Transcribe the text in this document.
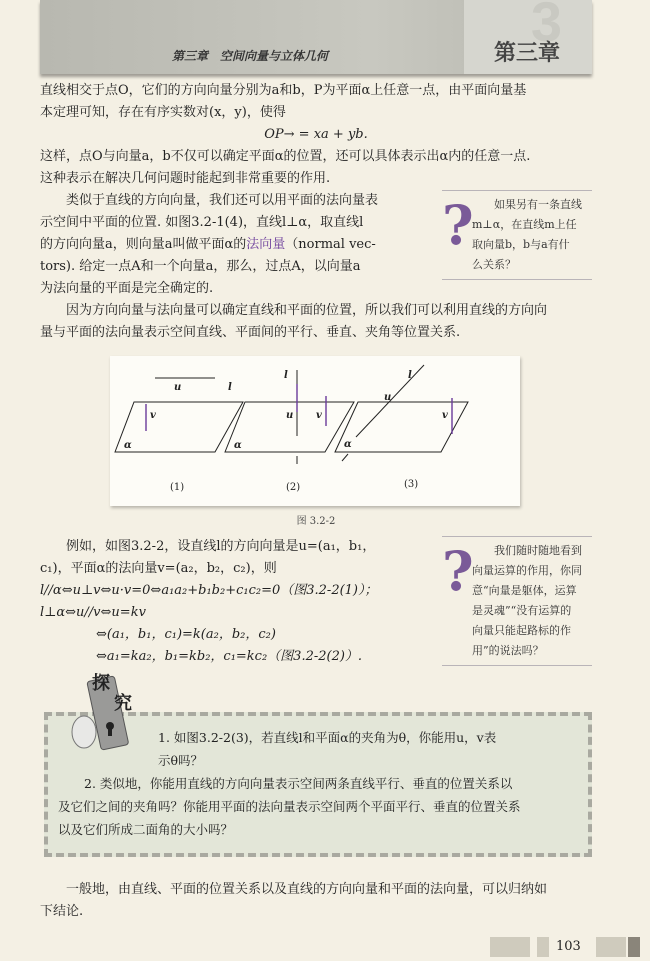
3
第三章　空间向量与立体几何	第三章
直线相交于点O，它们的方向向量分别为a和b，P为平面α上任意一点，由平面向量基
本定理可知，存在有序实数对(x，y)，使得
OP→ = xa + yb.
这样，点O与向量a，b不仅可以确定平面α的位置，还可以具体表示出α内的任意一点.
这种表示在解决几何问题时能起到非常重要的作用.
类似于直线的方向向量，我们还可以用平面的法向量表
示空间中平面的位置. 如图3.2-1(4)，直线l⊥α，取直线l
的方向向量a，则向量a叫做平面α的法向量（normal vec-
tors). 给定一点A和一个向量a，那么，过点A，以向量a
为法向量的平面是完全确定的.
?	如果另有一条直线
m⊥α，在直线m上任
取向量b，b与a有什
么关系？
因为方向向量与法向量可以确定直线和平面的位置，所以我们可以利用直线的方向向
量与平面的法向量表示空间直线、平面间的平行、垂直、夹角等位置关系.
u	l
v
l
u v
l
u
v
α	α	α
(1)	(2)	(3)
图 3.2-2
例如，如图3.2-2，设直线l的方向向量是u=(a₁，b₁，
c₁)，平面α的法向量v=(a₂，b₂，c₂)，则
l//α⇔u⊥v⇔u·v=0⇔a₁a₂+b₁b₂+c₁c₂=0（图3.2-2(1)）；
l⊥α⇔u//v⇔u=kv
⇔(a₁，b₁，c₁)=k(a₂，b₂，c₂)
⇔a₁=ka₂，b₁=kb₂，c₁=kc₂（图3.2-2(2)）.
?	我们随时随地看到
向量运算的作用，你同
意“向量是躯体，运算
是灵魂”“没有运算的
向量只能起路标的作
用”的说法吗？
1. 如图3.2-2(3)，若直线l和平面α的夹角为θ，你能用u，v表
示θ吗？
2. 类似地，你能用直线的方向向量表示空间两条直线平行、垂直的位置关系以
及它们之间的夹角吗？你能用平面的法向量表示空间两个平面平行、垂直的位置关系
以及它们所成二面角的大小吗？
探
究
一般地，由直线、平面的位置关系以及直线的方向向量和平面的法向量，可以归纳如
下结论.
103
